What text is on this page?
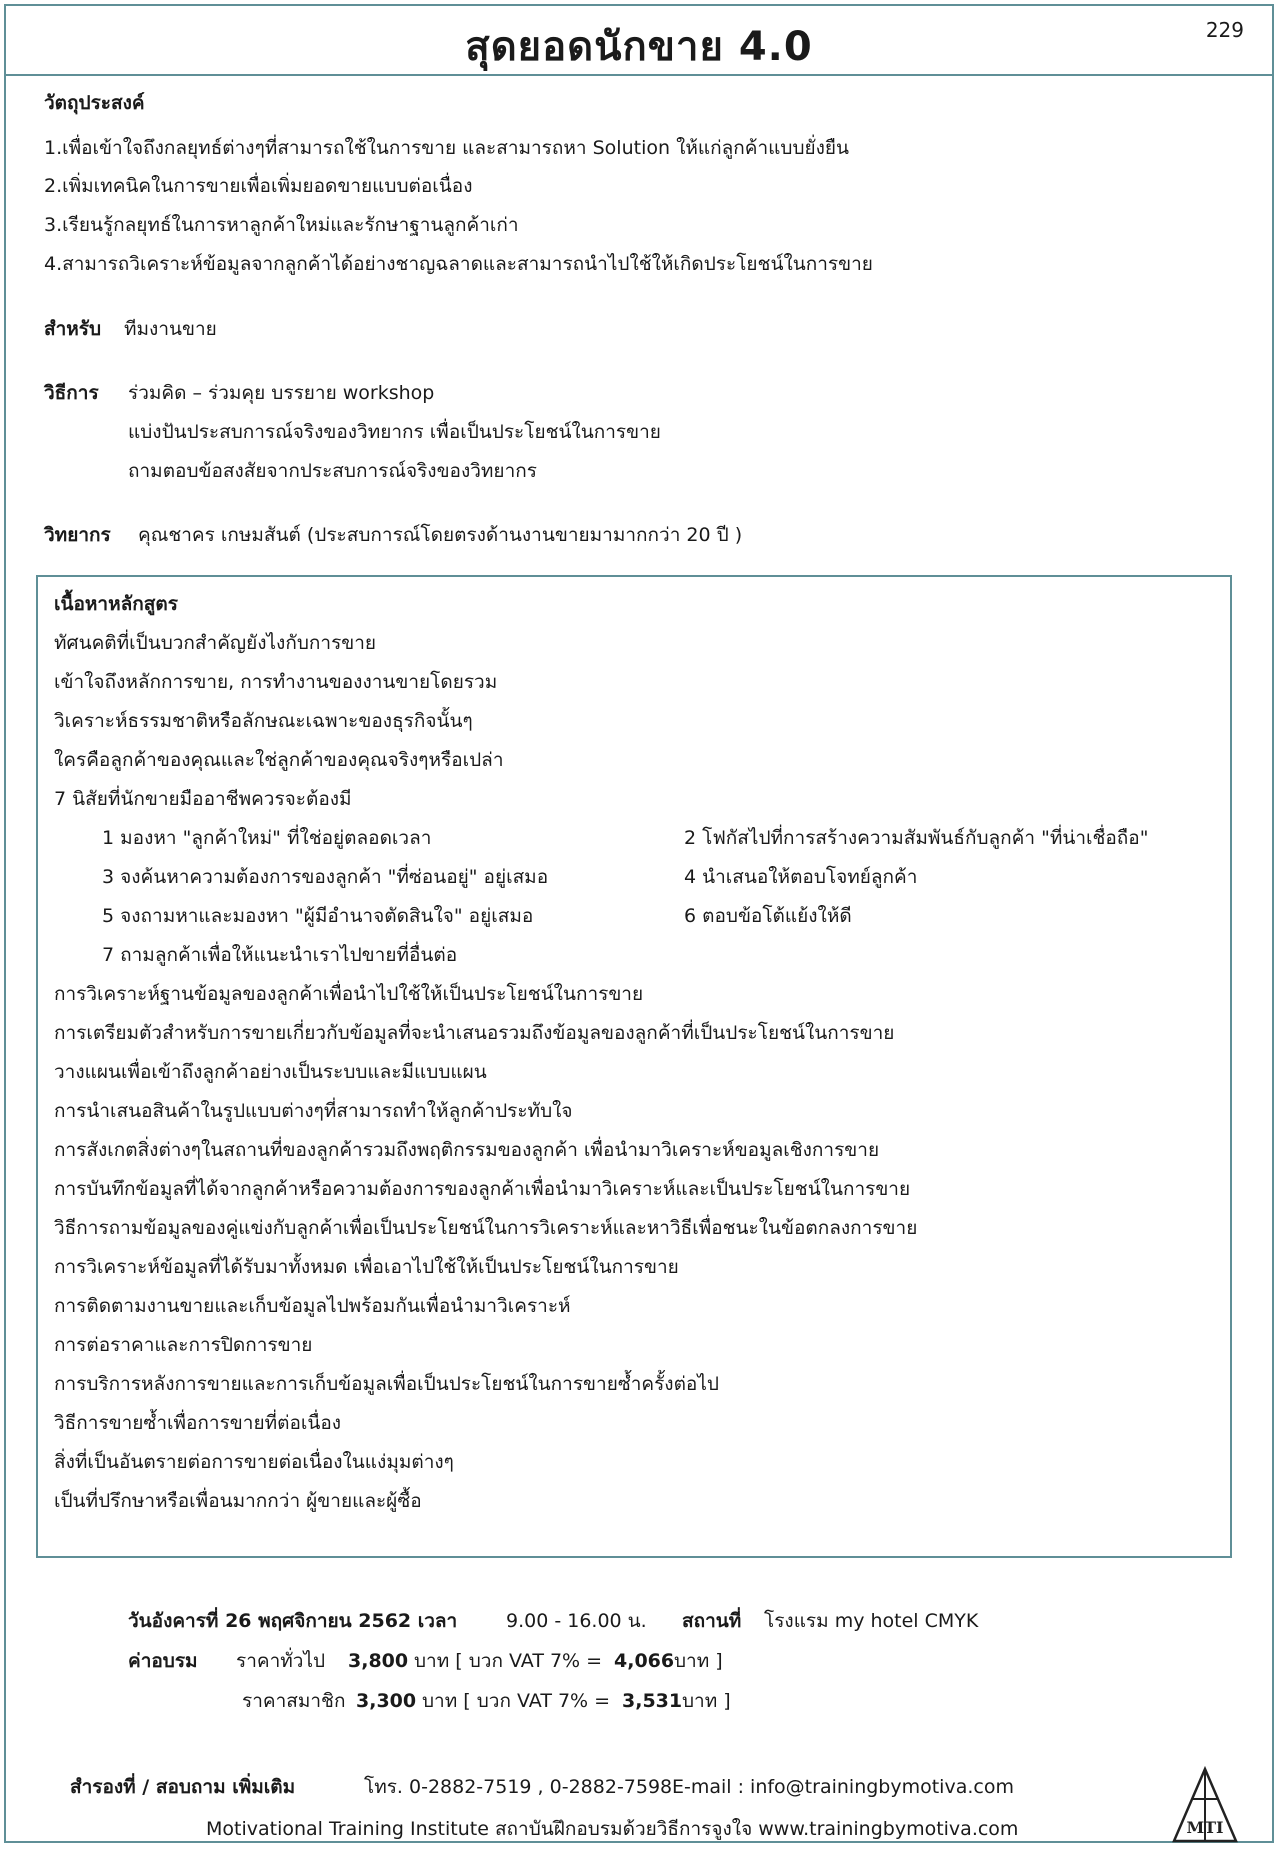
สุดยอดนักขาย 4.0	229
วัตถุประสงค์
1.เพื่อเข้าใจถึงกลยุทธ์ต่างๆที่สามารถใช้ในการขาย และสามารถหา Solution ให้แก่ลูกค้าแบบยั่งยืน
2.เพิ่มเทคนิคในการขายเพื่อเพิ่มยอดขายแบบต่อเนื่อง
3.เรียนรู้กลยุทธ์ในการหาลูกค้าใหม่และรักษาฐานลูกค้าเก่า
4.สามารถวิเคราะห์ข้อมูลจากลูกค้าได้อย่างชาญฉลาดและสามารถนำไปใช้ให้เกิดประโยชน์ในการขาย
สำหรับ ทีมงานขาย
วิธีการ ร่วมคิด – ร่วมคุย บรรยาย workshop
แบ่งปันประสบการณ์จริงของวิทยากร เพื่อเป็นประโยชน์ในการขาย
ถามตอบข้อสงสัยจากประสบการณ์จริงของวิทยากร
วิทยากร คุณชาคร เกษมสันต์ (ประสบการณ์โดยตรงด้านงานขายมามากกว่า 20 ปี )
เนื้อหาหลักสูตร
ทัศนคติที่เป็นบวกสำคัญยังไงกับการขาย
เข้าใจถึงหลักการขาย, การทำงานของงานขายโดยรวม
วิเคราะห์ธรรมชาติหรือลักษณะเฉพาะของธุรกิจนั้นๆ
ใครคือลูกค้าของคุณและใช่ลูกค้าของคุณจริงๆหรือเปล่า
7 นิสัยที่นักขายมืออาชีพควรจะต้องมี
1 มองหา "ลูกค้าใหม่" ที่ใช่อยู่ตลอดเวลา	2 โฟกัสไปที่การสร้างความสัมพันธ์กับลูกค้า "ที่น่าเชื่อถือ"
3 จงค้นหาความต้องการของลูกค้า "ที่ซ่อนอยู่" อยู่เสมอ	4 นำเสนอให้ตอบโจทย์ลูกค้า
5 จงถามหาและมองหา "ผู้มีอำนาจตัดสินใจ" อยู่เสมอ	6 ตอบข้อโต้แย้งให้ดี
7 ถามลูกค้าเพื่อให้แนะนำเราไปขายที่อื่นต่อ
การวิเคราะห์ฐานข้อมูลของลูกค้าเพื่อนำไปใช้ให้เป็นประโยชน์ในการขาย
การเตรียมตัวสำหรับการขายเกี่ยวกับข้อมูลที่จะนำเสนอรวมถึงข้อมูลของลูกค้าที่เป็นประโยชน์ในการขาย
วางแผนเพื่อเข้าถึงลูกค้าอย่างเป็นระบบและมีแบบแผน
การนำเสนอสินค้าในรูปแบบต่างๆที่สามารถทำให้ลูกค้าประทับใจ
การสังเกตสิ่งต่างๆในสถานที่ของลูกค้ารวมถึงพฤติกรรมของลูกค้า เพื่อนำมาวิเคราะห์ขอมูลเชิงการขาย
การบันทึกข้อมูลที่ได้จากลูกค้าหรือความต้องการของลูกค้าเพื่อนำมาวิเคราะห์และเป็นประโยชน์ในการขาย
วิธีการถามข้อมูลของคู่แข่งกับลูกค้าเพื่อเป็นประโยชน์ในการวิเคราะห์และหาวิธีเพื่อชนะในข้อตกลงการขาย
การวิเคราะห์ข้อมูลที่ได้รับมาทั้งหมด เพื่อเอาไปใช้ให้เป็นประโยชน์ในการขาย
การติดตามงานขายและเก็บข้อมูลไปพร้อมกันเพื่อนำมาวิเคราะห์
การต่อราคาและการปิดการขาย
การบริการหลังการขายและการเก็บข้อมูลเพื่อเป็นประโยชน์ในการขายซ้ำครั้งต่อไป
วิธีการขายซ้ำเพื่อการขายที่ต่อเนื่อง
สิ่งที่เป็นอันตรายต่อการขายต่อเนื่องในแง่มุมต่างๆ
เป็นที่ปรึกษาหรือเพื่อนมากกว่า ผู้ขายและผู้ซื้อ
วันอังคารที่ 26 พฤศจิกายน 2562 เวลา	9.00 - 16.00 น. สถานที่ โรงแรม my hotel CMYK
ค่าอบรม ราคาทั่วไป 3,800 บาท [ บวก VAT 7% = 4,066 บาท ]
ราคาสมาชิก 3,300 บาท [ บวก VAT 7% = 3,531 บาท ]
สำรองที่ / สอบถาม เพิ่มเติม	โทร. 0-2882-7519 , 0-2882-7598 E-mail : info@trainingbymotiva.com
Motivational Training Institute สถาบันฝึกอบรมด้วยวิธีการจูงใจ www.trainingbymotiva.com	MTI
